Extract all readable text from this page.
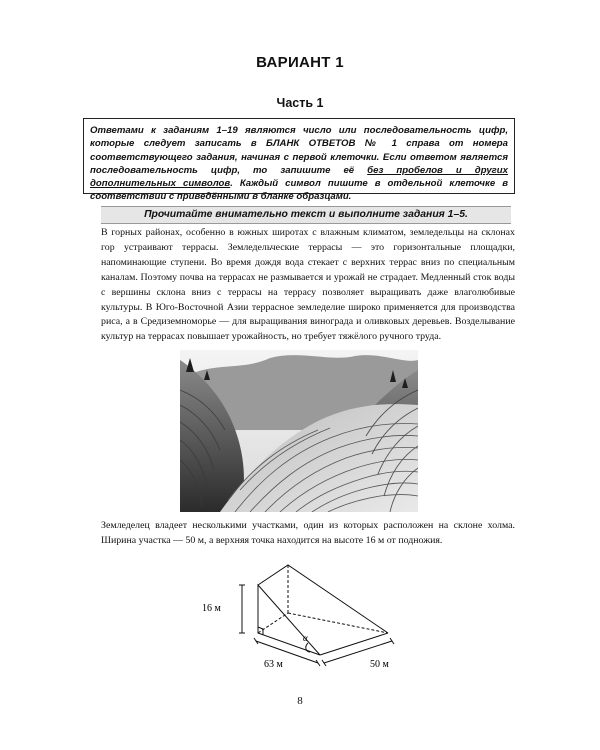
ВАРИАНТ 1
Часть 1
Ответами к заданиям 1–19 являются число или последовательность цифр, которые следует записать в БЛАНК ОТВЕТОВ № 1 справа от номера соответствующего задания, начиная с первой клеточки. Если ответом является последовательность цифр, то запишите её без пробелов и других дополнительных символов. Каждый символ пишите в отдельной клеточке в соответствии с приведёнными в бланке образцами.
Прочитайте внимательно текст и выполните задания 1–5.
В горных районах, особенно в южных широтах с влажным климатом, земледельцы на склонах гор устраивают террасы. Земледельческие террасы — это горизонтальные площадки, напоминающие ступени. Во время дождя вода стекает с верхних террас вниз по специальным каналам. Поэтому почва на террасах не размывается и урожай не страдает. Медленный сток воды с вершины склона вниз с террасы на террасу позволяет выращивать даже влаголюбивые культуры. В Юго-Восточной Азии террасное земледелие широко применяется для производства риса, а в Средиземноморье — для выращивания винограда и оливковых деревьев. Возделывание культур на террасах повышает урожайность, но требует тяжёлого ручного труда.
Земледелец владеет несколькими участками, один из которых расположен на склоне холма. Ширина участка — 50 м, а верхняя точка находится на высоте 16 м от подножия.
16 м
63 м	50 м
α
8
